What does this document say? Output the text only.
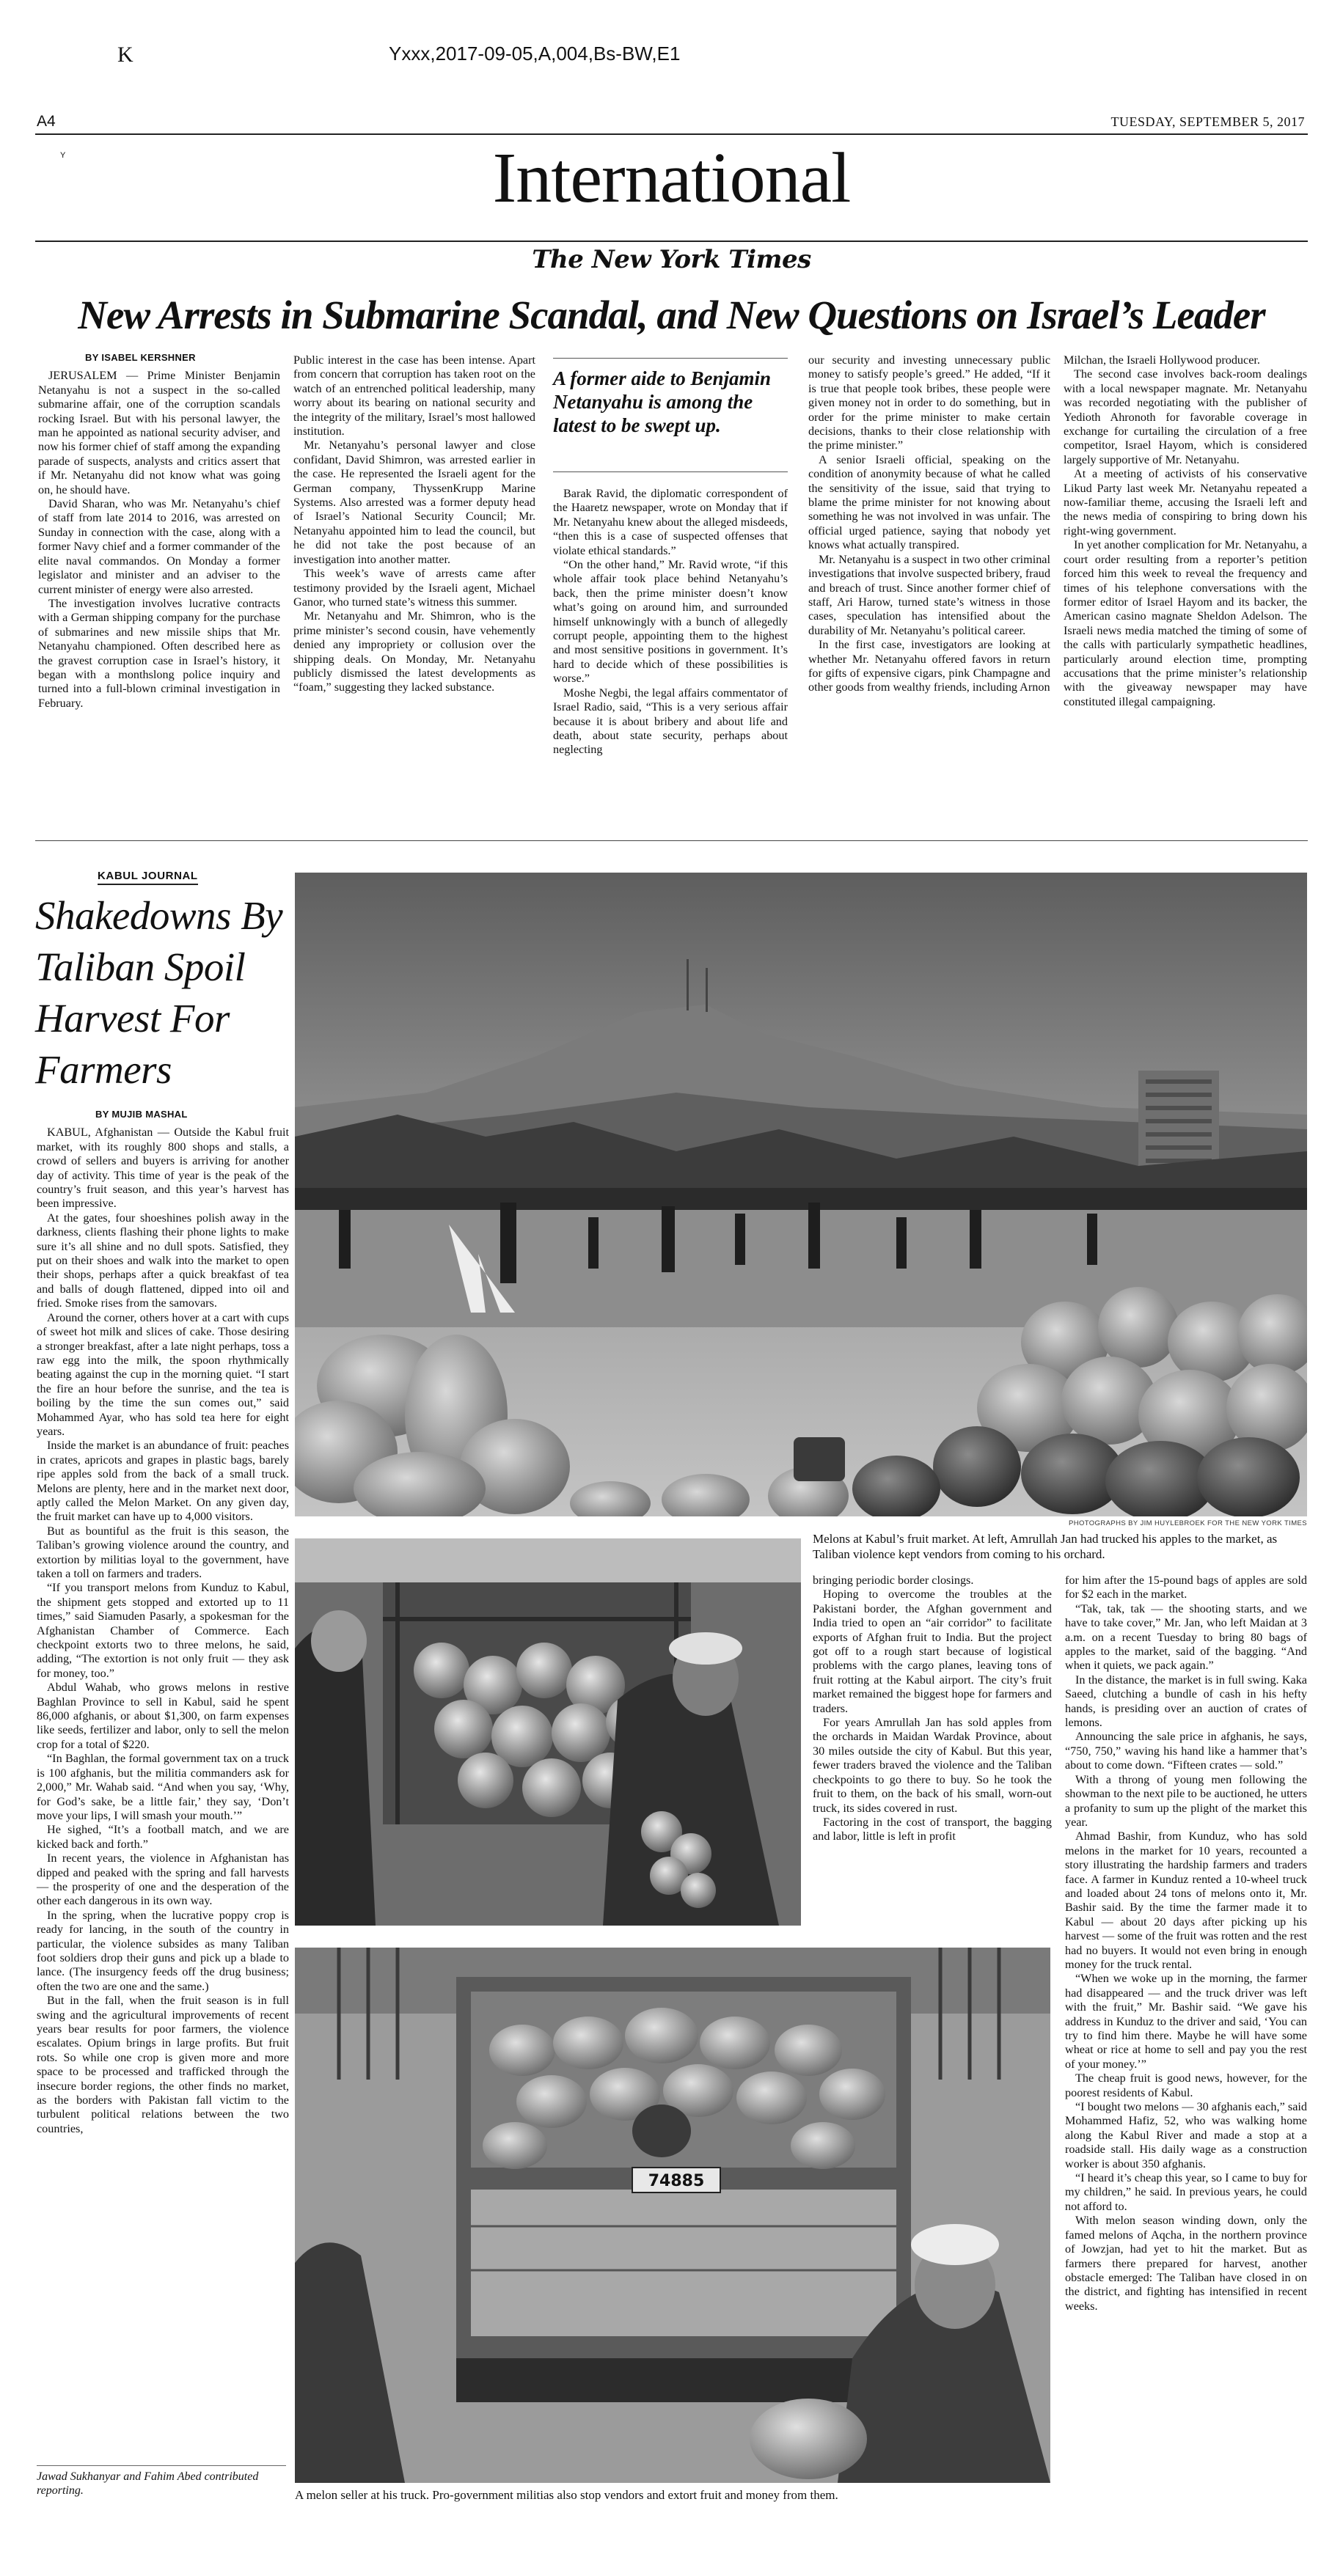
K	Yxxx,2017-09-05,A,004,Bs-BW,E1
A4	TUESDAY, SEPTEMBER 5, 2017
Y	International
The New York Times
New Arrests in Submarine Scandal, and New Questions on Israel’s Leader

BY ISABEL KERSHNER

JERUSALEM — Prime Minister Benjamin Netanyahu is not a suspect in the so-called submarine affair, one of the corruption scandals rocking Israel. But with his personal lawyer, the man he appointed as national security adviser, and now his former chief of staff among the expanding parade of suspects, analysts and critics assert that if Mr. Netanyahu did not know what was going on, he should have.

David Sharan, who was Mr. Netanyahu’s chief of staff from late 2014 to 2016, was arrested on Sunday in connection with the case, along with a former Navy chief and a former commander of the elite naval commandos. On Monday a former legislator and minister and an adviser to the current minister of energy were also arrested.

The investigation involves lucrative contracts with a German shipping company for the purchase of submarines and new missile ships that Mr. Netanyahu championed. Often described here as the gravest corruption case in Israel’s history, it began with a monthslong police inquiry and turned into a full-blown criminal investigation in February.

Public interest in the case has been intense. Apart from concern that corruption has taken root on the watch of an entrenched political leadership, many worry about its bearing on national security and the integrity of the military, Israel’s most hallowed institution.

Mr. Netanyahu’s personal lawyer and close confidant, David Shimron, was arrested earlier in the case. He represented the Israeli agent for the German company, ThyssenKrupp Marine Systems. Also arrested was a former deputy head of Israel’s National Security Council; Mr. Netanyahu appointed him to lead the council, but he did not take the post because of an investigation into another matter.

This week’s wave of arrests came after testimony provided by the Israeli agent, Michael Ganor, who turned state’s witness this summer.

Mr. Netanyahu and Mr. Shimron, who is the prime minister’s second cousin, have vehemently denied any impropriety or collusion over the shipping deals. On Monday, Mr. Netanyahu publicly dismissed the latest developments as “foam,” suggesting they lacked substance.

A former aide to Benjamin Netanyahu is among the latest to be swept up.

Barak Ravid, the diplomatic correspondent of the Haaretz newspaper, wrote on Monday that if Mr. Netanyahu knew about the alleged misdeeds, “then this is a case of suspected offenses that violate ethical standards.”

“On the other hand,” Mr. Ravid wrote, “if this whole affair took place behind Netanyahu’s back, then the prime minister doesn’t know what’s going on around him, and surrounded himself unknowingly with a bunch of allegedly corrupt people, appointing them to the highest and most sensitive positions in government. It’s hard to decide which of these possibilities is worse.”

Moshe Negbi, the legal affairs commentator of Israel Radio, said, “This is a very serious affair because it is about bribery and about life and death, about state security, perhaps about neglecting

our security and investing unnecessary public money to satisfy people’s greed.” He added, “If it is true that people took bribes, these people were given money not in order to do something, but in order for the prime minister to make certain decisions, thanks to their close relationship with the prime minister.”

A senior Israeli official, speaking on the condition of anonymity because of what he called the sensitivity of the issue, said that trying to blame the prime minister for not knowing about something he was not involved in was unfair. The official urged patience, saying that nobody yet knows what actually transpired.

Mr. Netanyahu is a suspect in two other criminal investigations that involve suspected bribery, fraud and breach of trust. Since another former chief of staff, Ari Harow, turned state’s witness in those cases, speculation has intensified about the durability of Mr. Netanyahu’s political career.

In the first case, investigators are looking at whether Mr. Netanyahu offered favors in return for gifts of expensive cigars, pink Champagne and other goods from wealthy friends, including Arnon

Milchan, the Israeli Hollywood producer.

The second case involves back-room dealings with a local newspaper magnate. Mr. Netanyahu was recorded negotiating with the publisher of Yedioth Ahronoth for favorable coverage in exchange for curtailing the circulation of a free competitor, Israel Hayom, which is considered largely supportive of Mr. Netanyahu.

At a meeting of activists of his conservative Likud Party last week Mr. Netanyahu repeated a now-familiar theme, accusing the Israeli left and the news media of conspiring to bring down his right-wing government.

In yet another complication for Mr. Netanyahu, a court order resulting from a reporter’s petition forced him this week to reveal the frequency and times of his telephone conversations with the former editor of Israel Hayom and its backer, the American casino magnate Sheldon Adelson. The Israeli news media matched the timing of some of the calls with particularly sympathetic headlines, particularly around election time, prompting accusations that the prime minister’s relationship with the giveaway newspaper may have constituted illegal campaigning.

KABUL JOURNAL
Shakedowns By Taliban Spoil Harvest For Farmers

BY MUJIB MASHAL

KABUL, Afghanistan — Outside the Kabul fruit market, with its roughly 800 shops and stalls, a crowd of sellers and buyers is arriving for another day of activity. This time of year is the peak of the country’s fruit season, and this year’s harvest has been impressive.

At the gates, four shoeshines polish away in the darkness, clients flashing their phone lights to make sure it’s all shine and no dull spots. Satisfied, they put on their shoes and walk into the market to open their shops, perhaps after a quick breakfast of tea and balls of dough flattened, dipped into oil and fried. Smoke rises from the samovars.

Around the corner, others hover at a cart with cups of sweet hot milk and slices of cake. Those desiring a stronger breakfast, after a late night perhaps, toss a raw egg into the milk, the spoon rhythmically beating against the cup in the morning quiet. “I start the fire an hour before the sunrise, and the tea is boiling by the time the sun comes out,” said Mohammed Ayar, who has sold tea here for eight years.

Inside the market is an abundance of fruit: peaches in crates, apricots and grapes in plastic bags, barely ripe apples sold from the back of a small truck. Melons are plenty, here and in the market next door, aptly called the Melon Market. On any given day, the fruit market can have up to 4,000 visitors.

But as bountiful as the fruit is this season, the Taliban’s growing violence around the country, and extortion by militias loyal to the government, have taken a toll on farmers and traders.

“If you transport melons from Kunduz to Kabul, the shipment gets stopped and extorted up to 11 times,” said Siamuden Pasarly, a spokesman for the Afghanistan Chamber of Commerce. Each checkpoint extorts two to three melons, he said, adding, “The extortion is not only fruit — they ask for money, too.”

Abdul Wahab, who grows melons in restive Baghlan Province to sell in Kabul, said he spent 86,000 afghanis, or about $1,300, on farm expenses like seeds, fertilizer and labor, only to sell the melon crop for a total of $220.

“In Baghlan, the formal government tax on a truck is 100 afghanis, but the militia commanders ask for 2,000,” Mr. Wahab said. “And when you say, ‘Why, for God’s sake, be a little fair,’ they say, ‘Don’t move your lips, I will smash your mouth.’”

He sighed, “It’s a football match, and we are kicked back and forth.”

In recent years, the violence in Afghanistan has dipped and peaked with the spring and fall harvests — the prosperity of one and the desperation of the other each dangerous in its own way.

In the spring, when the lucrative poppy crop is ready for lancing, in the south of the country in particular, the violence subsides as many Taliban foot soldiers drop their guns and pick up a blade to lance. (The insurgency feeds off the drug business; often the two are one and the same.)

But in the fall, when the fruit season is in full swing and the agricultural improvements of recent years bear results for poor farmers, the violence escalates. Opium brings in large profits. But fruit rots. So while one crop is given more and more space to be processed and trafficked through the insecure border regions, the other finds no market, as the borders with Pakistan fall victim to the turbulent political relations between the two countries,

Jawad Sukhanyar and Fahim Abed contributed reporting.
PHOTOGRAPHS BY JIM HUYLEBROEK FOR THE NEW YORK TIMES
Melons at Kabul’s fruit market. At left, Amrullah Jan had trucked his apples to the market, as Taliban violence kept vendors from coming to his orchard.

bringing periodic border closings.

Hoping to overcome the troubles at the Pakistani border, the Afghan government and India tried to open an “air corridor” to facilitate exports of Afghan fruit to India. But the project got off to a rough start because of logistical problems with the cargo planes, leaving tons of fruit rotting at the Kabul airport. The city’s fruit market remained the biggest hope for farmers and traders.

For years Amrullah Jan has sold apples from the orchards in Maidan Wardak Province, about 30 miles outside the city of Kabul. But this year, fewer traders braved the violence and the Taliban checkpoints to go there to buy. So he took the fruit to them, on the back of his small, worn-out truck, its sides covered in rust.

Factoring in the cost of transport, the bagging and labor, little is left in profit

for him after the 15-pound bags of apples are sold for $2 each in the market.

“Tak, tak, tak — the shooting starts, and we have to take cover,” Mr. Jan, who left Maidan at 3 a.m. on a recent Tuesday to bring 80 bags of apples to the market, said of the bagging. “And when it quiets, we pack again.”

In the distance, the market is in full swing. Kaka Saeed, clutching a bundle of cash in his hefty hands, is presiding over an auction of crates of lemons.

Announcing the sale price in afghanis, he says, “750, 750,” waving his hand like a hammer that’s about to come down. “Fifteen crates — sold.”

With a throng of young men following the showman to the next pile to be auctioned, he utters a profanity to sum up the plight of the market this year.

Ahmad Bashir, from Kunduz, who has sold melons in the market for 10 years, recounted a story illustrating the hardship farmers and traders face. A farmer in Kunduz rented a 10-wheel truck and loaded about 24 tons of melons onto it, Mr. Bashir said. By the time the farmer made it to Kabul — about 20 days after picking up his harvest — some of the fruit was rotten and the rest had no buyers. It would not even bring in enough money for the truck rental.

“When we woke up in the morning, the farmer had disappeared — and the truck driver was left with the fruit,” Mr. Bashir said. “We gave his address in Kunduz to the driver and said, ‘You can try to find him there. Maybe he will have some wheat or rice at home to sell and pay you the rest of your money.’”

The cheap fruit is good news, however, for the poorest residents of Kabul.

“I bought two melons — 30 afghanis each,” said Mohammed Hafiz, 52, who was walking home along the Kabul River and made a stop at a roadside stall. His daily wage as a construction worker is about 350 afghanis.

“I heard it’s cheap this year, so I came to buy for my children,” he said. In previous years, he could not afford to.

With melon season winding down, only the famed melons of Aqcha, in the northern province of Jowzjan, had yet to hit the market. But as farmers there prepared for harvest, another obstacle emerged: The Taliban have closed in on the district, and fighting has intensified in recent weeks.

74885
A melon seller at his truck. Pro-government militias also stop vendors and extort fruit and money from them.
